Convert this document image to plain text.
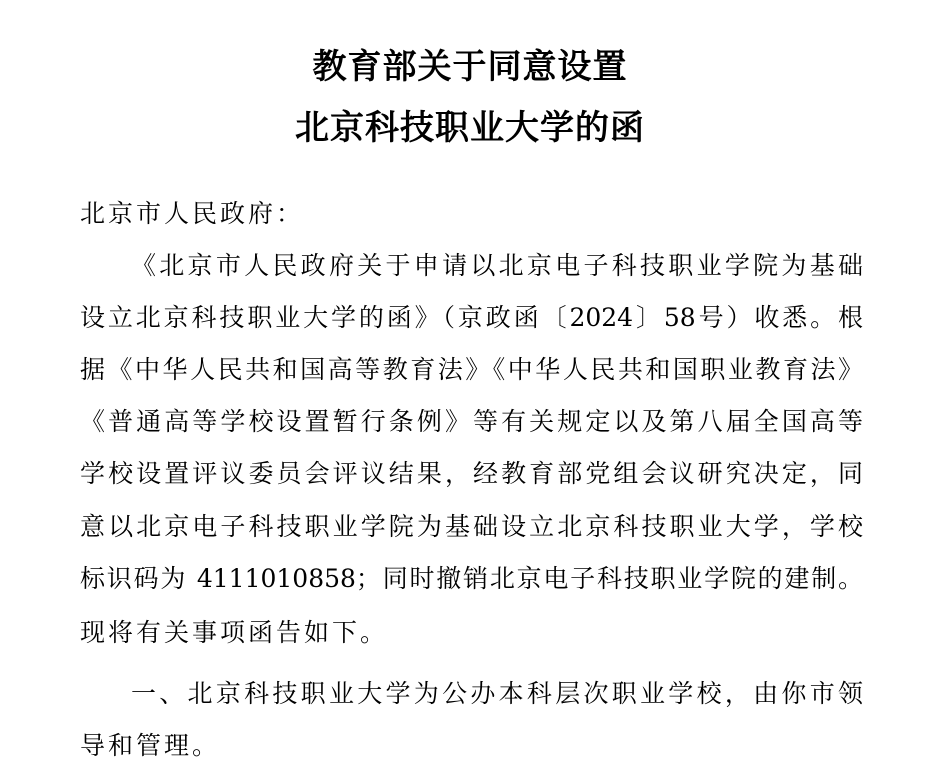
教育部关于同意设置
北京科技职业大学的函
北京市人民政府：
《北京市人民政府关于申请以北京电子科技职业学院为基础
设立北京科技职业大学的函》（京政函〔2024〕58号）收悉。根
据《中华人民共和国高等教育法》《中华人民共和国职业教育法》
《普通高等学校设置暂行条例》等有关规定以及第八届全国高等
学校设置评议委员会评议结果，经教育部党组会议研究决定，同
意以北京电子科技职业学院为基础设立北京科技职业大学，学校
标识码为 4111010858；同时撤销北京电子科技职业学院的建制。
现将有关事项函告如下。
一、北京科技职业大学为公办本科层次职业学校，由你市领
导和管理。
